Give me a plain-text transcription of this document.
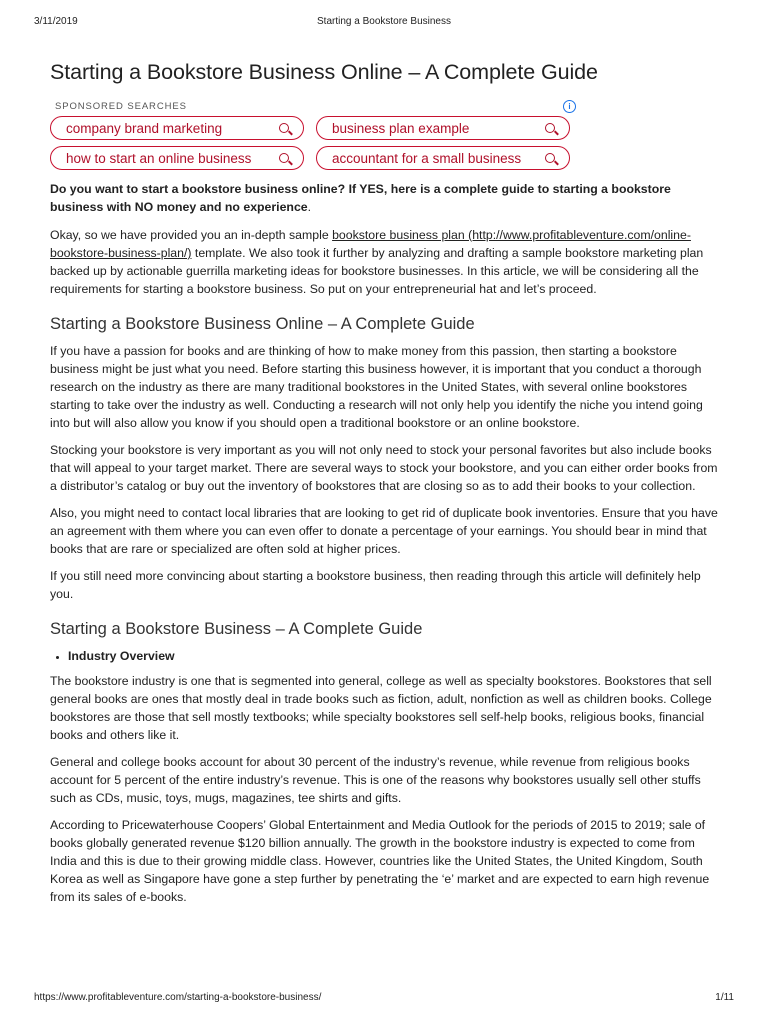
3/11/2019	Starting a Bookstore Business
Starting a Bookstore Business Online – A Complete Guide
SPONSORED SEARCHES	i
company brand marketing	business plan example
how to start an online business	accountant for a small business

Do you want to start a bookstore business online? If YES, here is a complete guide to starting a bookstore business with NO money and no experience.

Okay, so we have provided you an in-depth sample bookstore business plan (http://www.profitableventure.com/online-bookstore-business-plan/) template. We also took it further by analyzing and drafting a sample bookstore marketing plan backed up by actionable guerrilla marketing ideas for bookstore businesses. In this article, we will be considering all the requirements for starting a bookstore business. So put on your entrepreneurial hat and let’s proceed.

Starting a Bookstore Business Online – A Complete Guide

If you have a passion for books and are thinking of how to make money from this passion, then starting a bookstore business might be just what you need. Before starting this business however, it is important that you conduct a thorough research on the industry as there are many traditional bookstores in the United States, with several online bookstores starting to take over the industry as well. Conducting a research will not only help you identify the niche you intend going into but will also allow you know if you should open a traditional bookstore or an online bookstore.

Stocking your bookstore is very important as you will not only need to stock your personal favorites but also include books that will appeal to your target market. There are several ways to stock your bookstore, and you can either order books from a distributor’s catalog or buy out the inventory of bookstores that are closing so as to add their books to your collection.

Also, you might need to contact local libraries that are looking to get rid of duplicate book inventories. Ensure that you have an agreement with them where you can even offer to donate a percentage of your earnings. You should bear in mind that books that are rare or specialized are often sold at higher prices.

If you still need more convincing about starting a bookstore business, then reading through this article will definitely help you.

Starting a Bookstore Business – A Complete Guide
• Industry Overview

The bookstore industry is one that is segmented into general, college as well as specialty bookstores. Bookstores that sell general books are ones that mostly deal in trade books such as fiction, adult, nonfiction as well as children books. College bookstores are those that sell mostly textbooks; while specialty bookstores sell self-help books, religious books, financial books and others like it.

General and college books account for about 30 percent of the industry’s revenue, while revenue from religious books account for 5 percent of the entire industry’s revenue. This is one of the reasons why bookstores usually sell other stuffs such as CDs, music, toys, mugs, magazines, tee shirts and gifts.

According to Pricewaterhouse Coopers’ Global Entertainment and Media Outlook for the periods of 2015 to 2019; sale of books globally generated revenue $120 billion annually. The growth in the bookstore industry is expected to come from India and this is due to their growing middle class. However, countries like the United States, the United Kingdom, South Korea as well as Singapore have gone a step further by penetrating the ‘e’ market and are expected to earn high revenue from its sales of e-books.

https://www.profitableventure.com/starting-a-bookstore-business/	1/11
